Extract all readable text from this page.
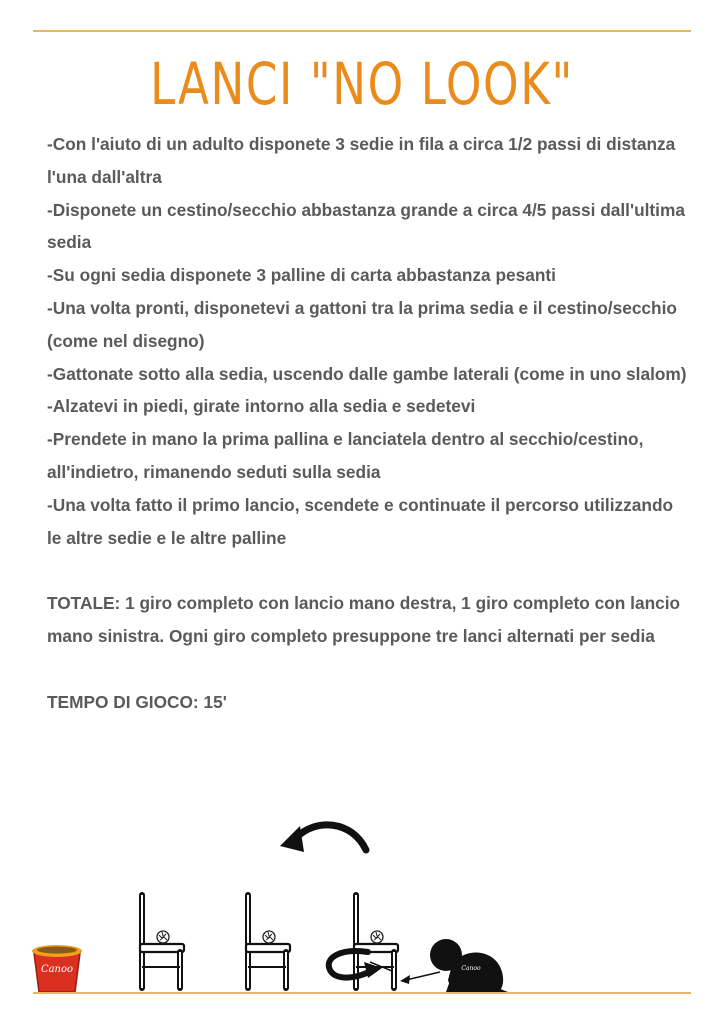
LANCI "NO LOOK"

-Con l'aiuto di un adulto disponete 3 sedie in fila a circa 1/2 passi di distanza l'una dall'altra

-Disponete un cestino/secchio abbastanza grande a circa 4/5 passi dall'ultima sedia

-Su ogni sedia disponete 3 palline di carta abbastanza pesanti

-Una volta pronti, disponetevi a gattoni tra la prima sedia e il cestino/secchio (come nel disegno)

-Gattonate sotto alla sedia, uscendo dalle gambe laterali (come in uno slalom)

-Alzatevi in piedi, girate intorno alla sedia e sedetevi

-Prendete in mano la prima pallina e lanciatela dentro al secchio/cestino, all'indietro, rimanendo seduti sulla sedia

-Una volta fatto il primo lancio, scendete e continuate il percorso utilizzando le altre sedie e le altre palline

TOTALE: 1 giro completo con lancio mano destra, 1 giro completo con lancio mano sinistra. Ogni giro completo presuppone tre lanci alternati per sedia

TEMPO DI GIOCO: 15'

Canoo	Canoo
